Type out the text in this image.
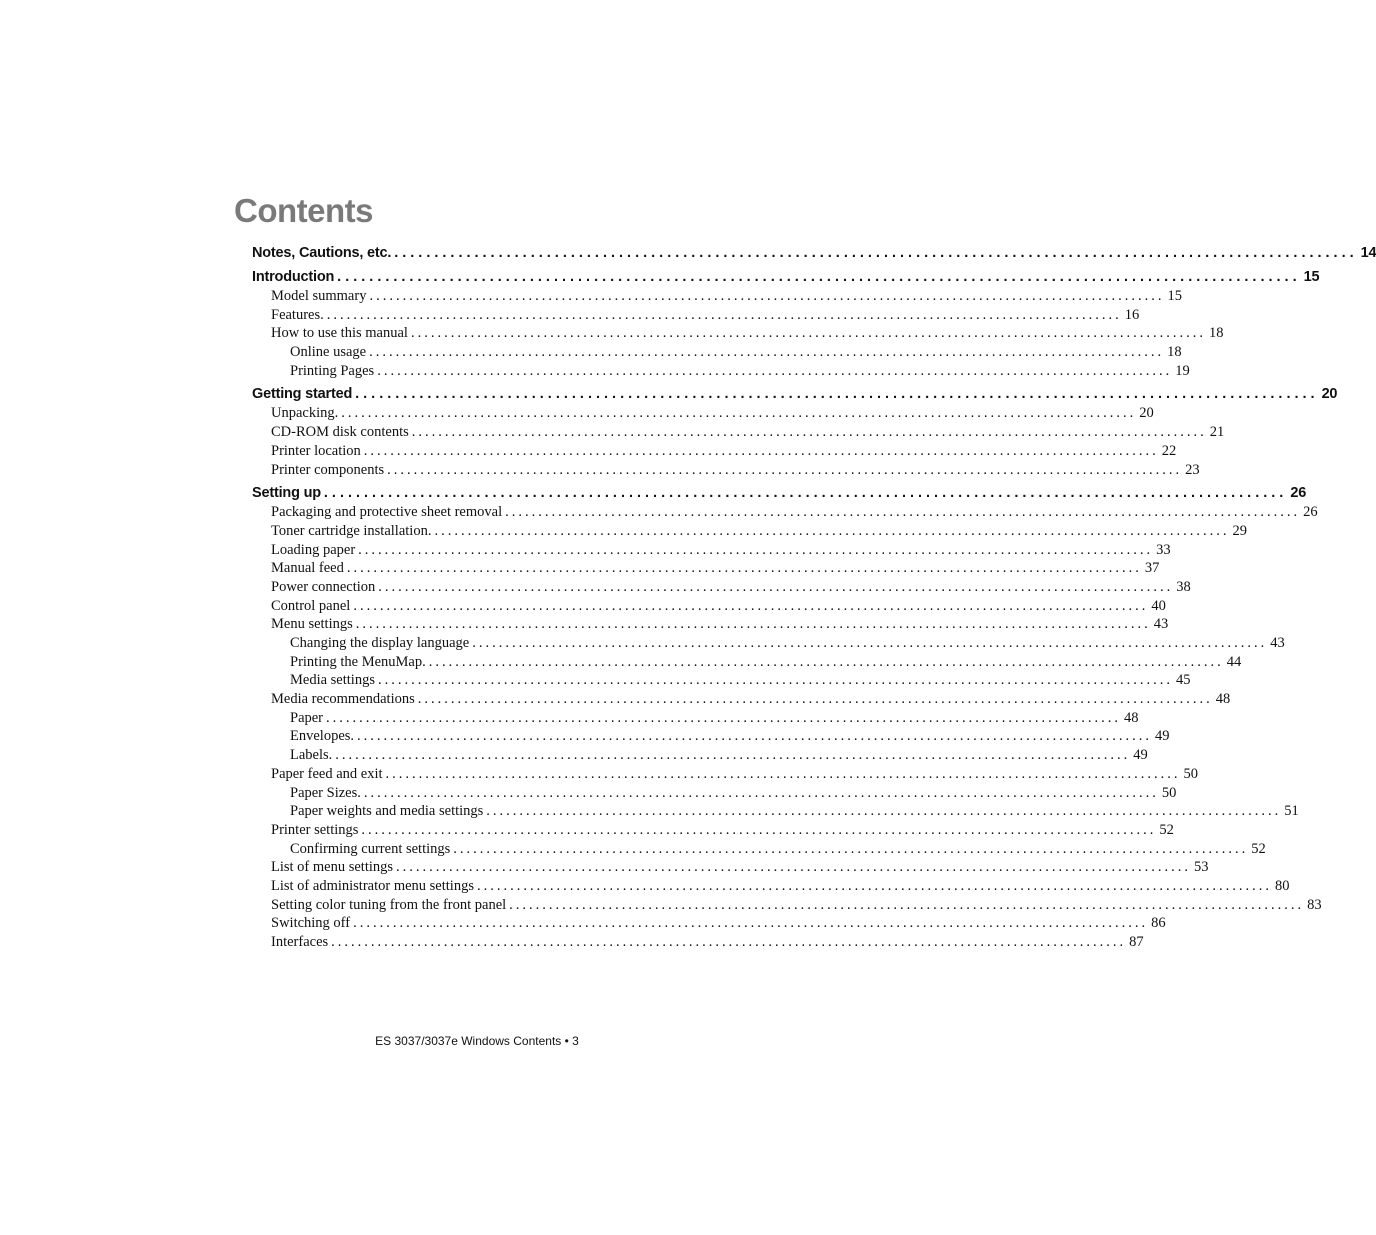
Contents
Notes, Cautions, etc. ........................................................................................................................ 14
Introduction ........................................................................................................................ 15
Model summary ........................................................................................................................ 15
Features. ........................................................................................................................ 16
How to use this manual ........................................................................................................................ 18
Online usage ........................................................................................................................ 18
Printing Pages ........................................................................................................................ 19
Getting started ........................................................................................................................ 20
Unpacking. ........................................................................................................................ 20
CD-ROM disk contents ........................................................................................................................ 21
Printer location ........................................................................................................................ 22
Printer components ........................................................................................................................ 23
Setting up ........................................................................................................................ 26
Packaging and protective sheet removal ........................................................................................................................ 26
Toner cartridge installation. ........................................................................................................................ 29
Loading paper ........................................................................................................................ 33
Manual feed ........................................................................................................................ 37
Power connection ........................................................................................................................ 38
Control panel ........................................................................................................................ 40
Menu settings ........................................................................................................................ 43
Changing the display language ........................................................................................................................ 43
Printing the MenuMap. ........................................................................................................................ 44
Media settings ........................................................................................................................ 45
Media recommendations ........................................................................................................................ 48
Paper ........................................................................................................................ 48
Envelopes. ........................................................................................................................ 49
Labels. ........................................................................................................................ 49
Paper feed and exit ........................................................................................................................ 50
Paper Sizes. ........................................................................................................................ 50
Paper weights and media settings ........................................................................................................................ 51
Printer settings ........................................................................................................................ 52
Confirming current settings ........................................................................................................................ 52
List of menu settings ........................................................................................................................ 53
List of administrator menu settings ........................................................................................................................ 80
Setting color tuning from the front panel ........................................................................................................................ 83
Switching off ........................................................................................................................ 86
Interfaces ........................................................................................................................ 87
ES 3037/3037e Windows Contents • 3
